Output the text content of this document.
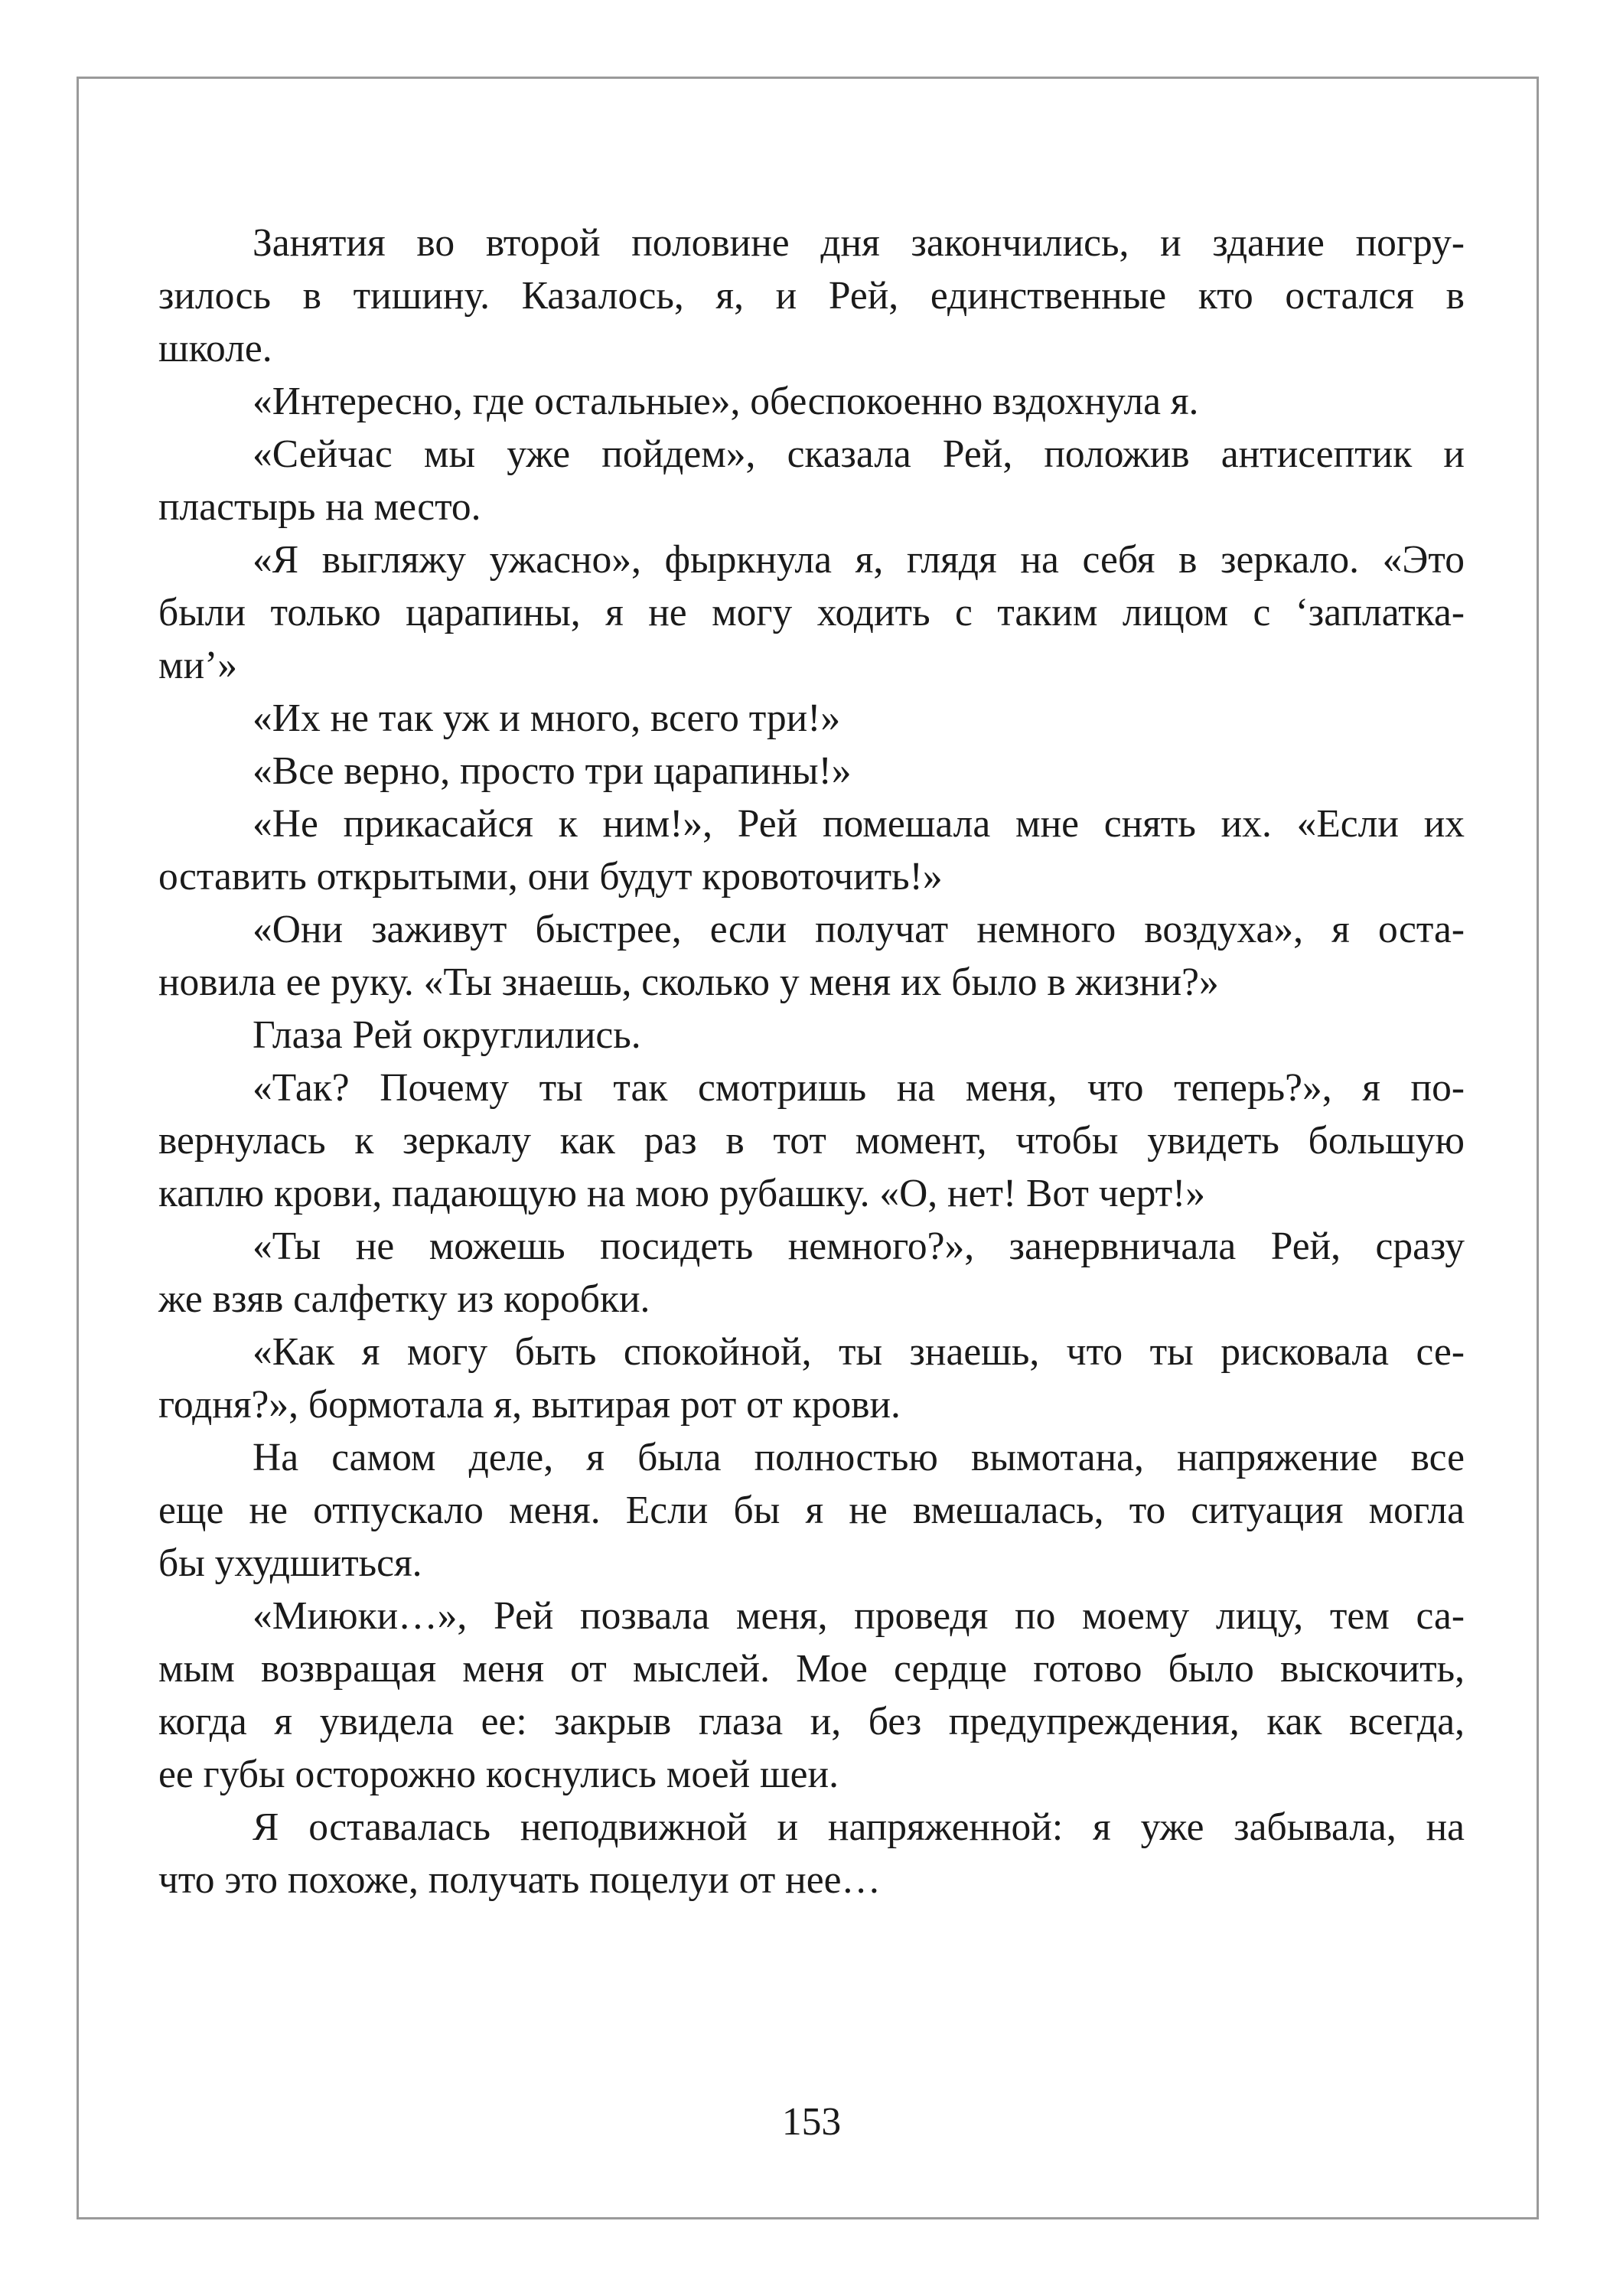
Занятия во второй половине дня закончились, и здание погру-
зилось в тишину. Казалось, я, и Рей, единственные кто остался в
школе.
«Интересно, где остальные», обеспокоенно вздохнула я.
«Сейчас мы уже пойдем», сказала Рей, положив антисептик и
пластырь на место.
«Я выгляжу ужасно», фыркнула я, глядя на себя в зеркало. «Это
были только царапины, я не могу ходить с таким лицом с ‘заплатка-
ми’»
«Их не так уж и много, всего три!»
«Все верно, просто три царапины!»
«Не прикасайся к ним!», Рей помешала мне снять их. «Если их
оставить открытыми, они будут кровоточить!»
«Они заживут быстрее, если получат немного воздуха», я оста-
новила ее руку. «Ты знаешь, сколько у меня их было в жизни?»
Глаза Рей округлились.
«Так? Почему ты так смотришь на меня, что теперь?», я по-
вернулась к зеркалу как раз в тот момент, чтобы увидеть большую
каплю крови, падающую на мою рубашку. «О, нет! Вот черт!»
«Ты не можешь посидеть немного?», занервничала Рей, сразу
же взяв салфетку из коробки.
«Как я могу быть спокойной, ты знаешь, что ты рисковала се-
годня?», бормотала я, вытирая рот от крови.
На самом деле, я была полностью вымотана, напряжение все
еще не отпускало меня. Если бы я не вмешалась, то ситуация могла
бы ухудшиться.
«Миюки…», Рей позвала меня, проведя по моему лицу, тем са-
мым возвращая меня от мыслей. Мое сердце готово было выскочить,
когда я увидела ее: закрыв глаза и, без предупреждения, как всегда,
ее губы осторожно коснулись моей шеи.
Я оставалась неподвижной и напряженной: я уже забывала, на
что это похоже, получать поцелуи от нее…
153
